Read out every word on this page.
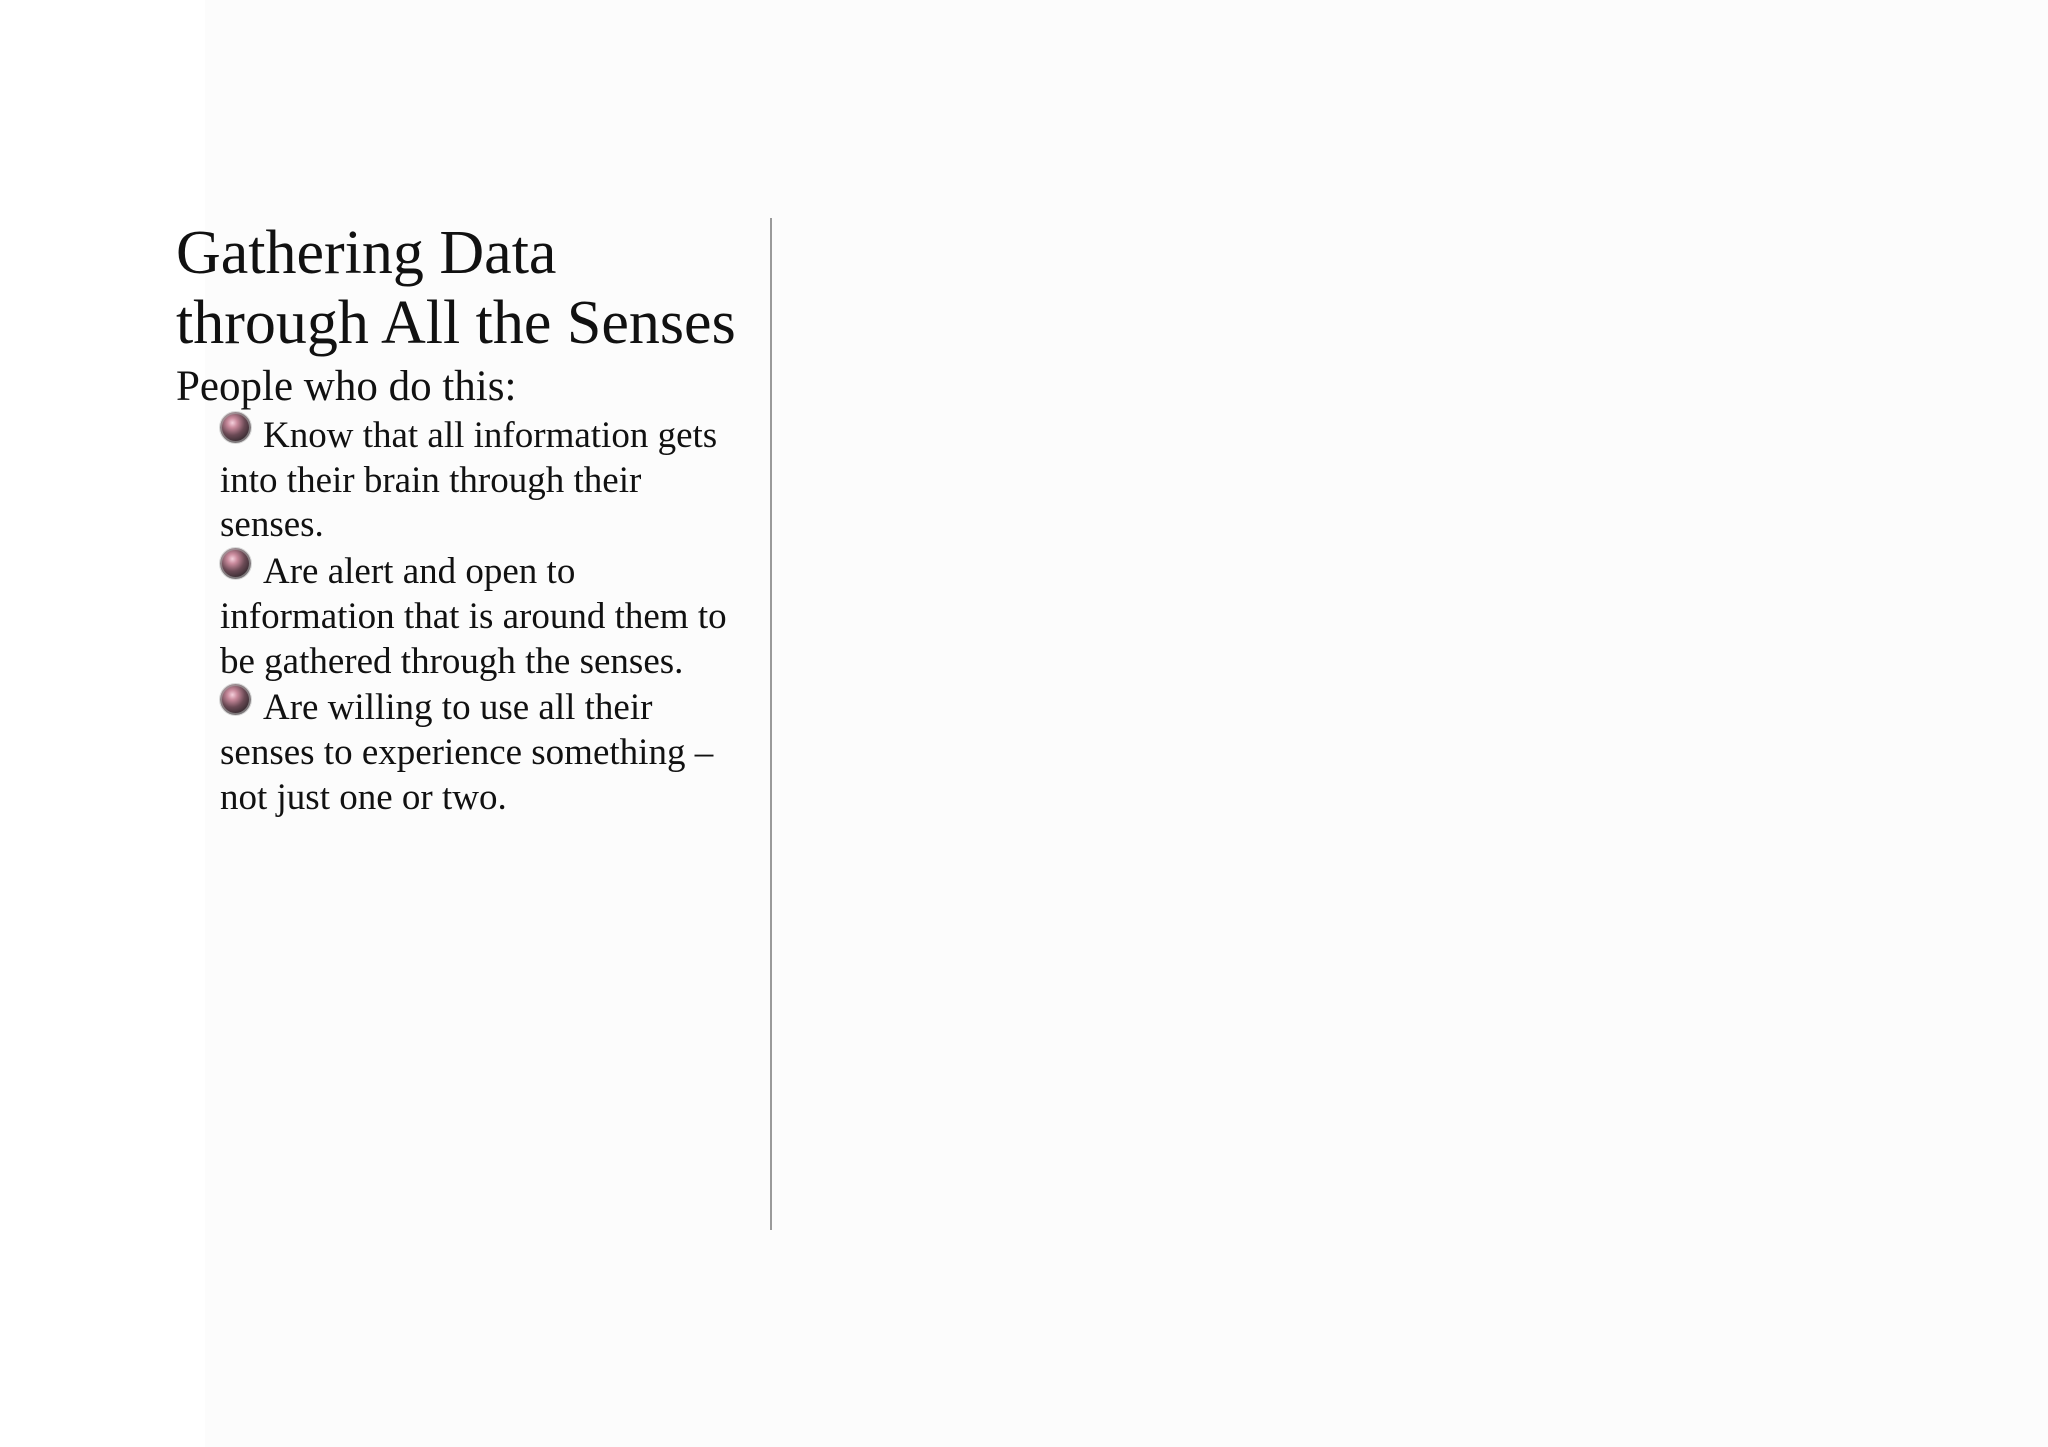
Gathering Data through All the Senses

People who do this:

Know that all information gets into their brain through their senses.
Are alert and open to information that is around them to be gathered through the senses.
Are willing to use all their senses to experience something – not just one or two.
